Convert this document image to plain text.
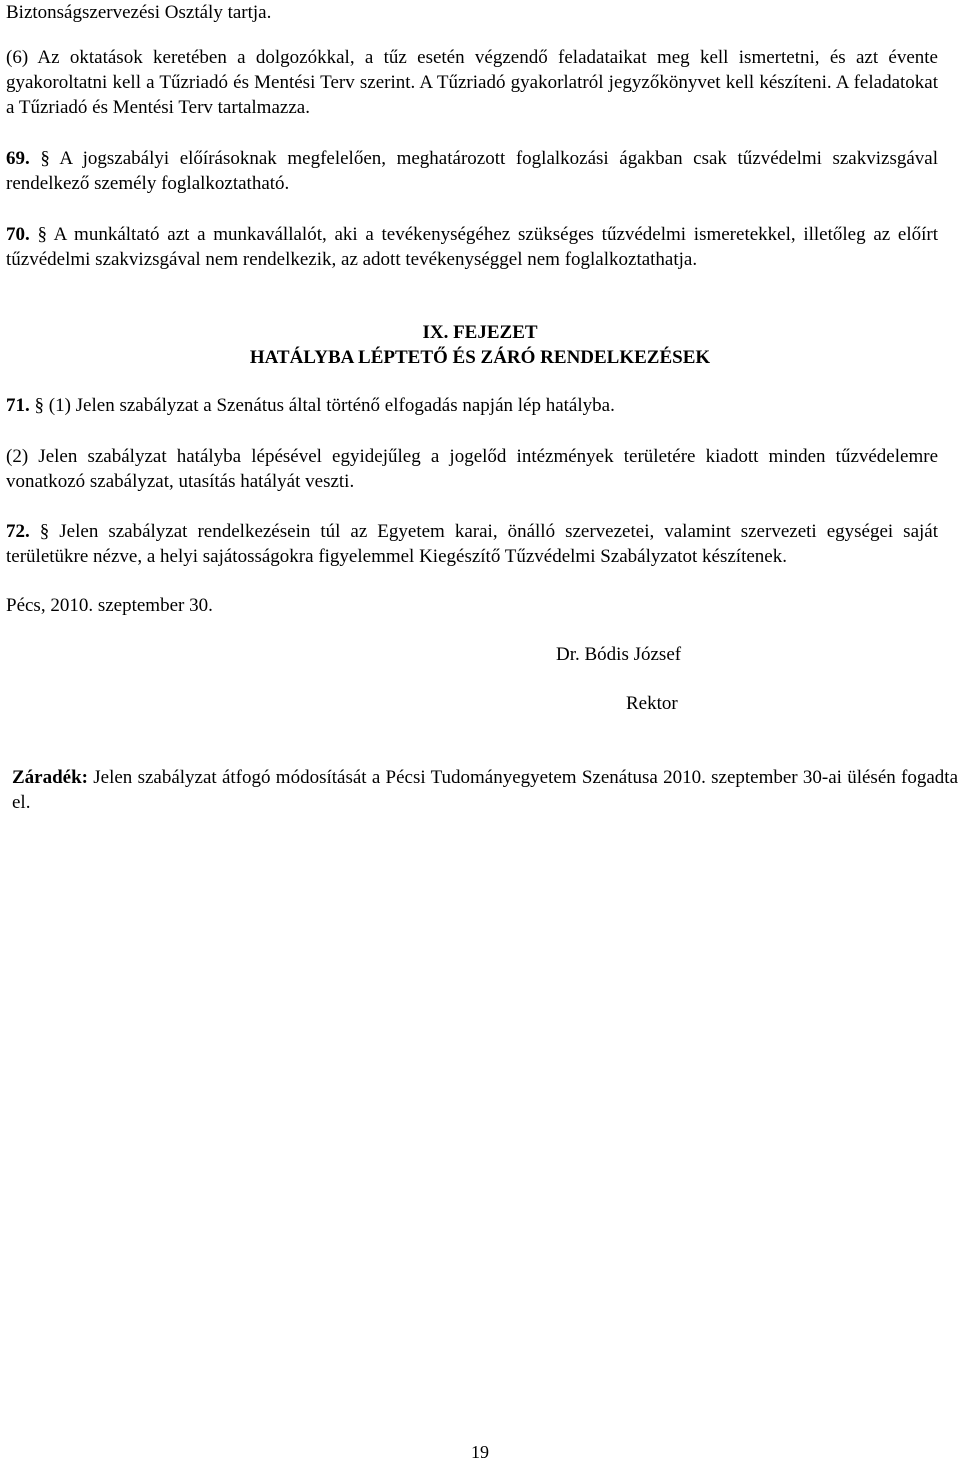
Biztonságszervezési Osztály tartja.

(6) Az oktatások keretében a dolgozókkal, a tűz esetén végzendő feladataikat meg kell ismertetni, és azt évente gyakoroltatni kell a Tűzriadó és Mentési Terv szerint. A Tűzriadó gyakorlatról jegyzőkönyvet kell készíteni. A feladatokat a Tűzriadó és Mentési Terv tartalmazza.

69. § A jogszabályi előírásoknak megfelelően, meghatározott foglalkozási ágakban csak tűzvédelmi szakvizsgával rendelkező személy foglalkoztatható.

70. § A munkáltató azt a munkavállalót, aki a tevékenységéhez szükséges tűzvédelmi ismeretekkel, illetőleg az előírt tűzvédelmi szakvizsgával nem rendelkezik, az adott tevékenységgel nem foglalkoztathatja.

IX. FEJEZET

HATÁLYBA LÉPTETŐ ÉS ZÁRÓ RENDELKEZÉSEK

71. § (1) Jelen szabályzat a Szenátus által történő elfogadás napján lép hatályba.

(2) Jelen szabályzat hatályba lépésével egyidejűleg a jogelőd intézmények területére kiadott minden tűzvédelemre vonatkozó szabályzat, utasítás hatályát veszti.

72. § Jelen szabályzat rendelkezésein túl az Egyetem karai, önálló szervezetei, valamint szervezeti egységei saját területükre nézve, a helyi sajátosságokra figyelemmel Kiegészítő Tűzvédelmi Szabályzatot készítenek.

Pécs, 2010. szeptember 30.

Dr. Bódis József

Rektor

Záradék: Jelen szabályzat átfogó módosítását a Pécsi Tudományegyetem Szenátusa 2010. szeptember 30-ai ülésén fogadta el.

19
